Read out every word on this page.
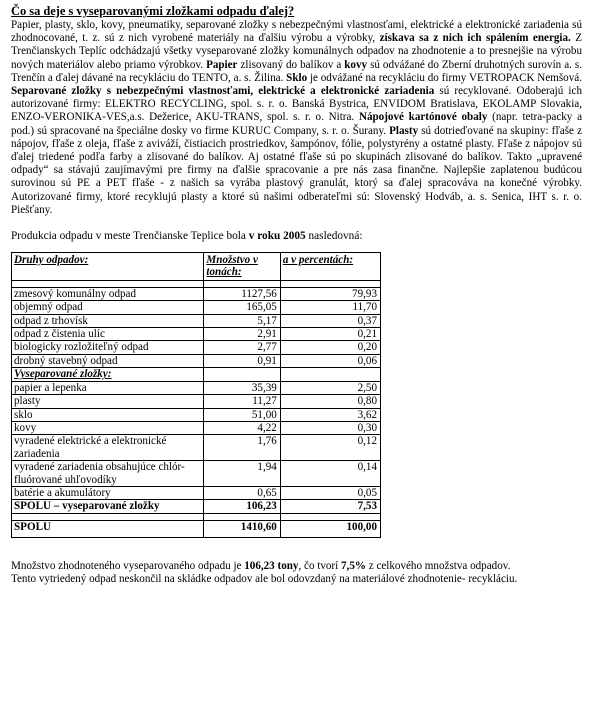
Čo sa deje s vyseparovanými zložkami odpadu ďalej?

Papier, plasty, sklo, kovy, pneumatiky, separované zložky s nebezpečnými vlastnosťami, elektrické a elektronické zariadenia sú zhodnocované, t. z. sú z nich vyrobené materiály na ďalšiu výrobu a výrobky, získava sa z nich ich spálením energia. Z Trenčianskych Teplíc odchádzajú všetky vyseparované zložky komunálnych odpadov na zhodnotenie a to presnejšie na výrobu nových materiálov alebo priamo výrobkov. Papier zlisovaný do balíkov a kovy sú odvážané do Zberní druhotných surovín a. s. Trenčín a ďalej dávané na recykláciu do TENTO, a. s. Žilina. Sklo je odvážané na recykláciu do firmy VETROPACK Nemšová. Separované zložky s nebezpečnými vlastnosťami, elektrické a elektronické zariadenia sú recyklované. Odoberajú ich autorizované firmy: ELEKTRO RECYCLING, spol. s. r. o. Banská Bystrica, ENVIDOM Bratislava, EKOLAMP Slovakia, ENZO-VERONIKA-VES,a.s. Dežerice, AKU-TRANS, spol. s. r. o. Nitra. Nápojové kartónové obaly (napr. tetra-packy a pod.) sú spracované na špeciálne dosky vo firme KURUC Company, s. r. o. Šurany. Plasty sú dotrieďované na skupiny: fľaše z nápojov, fľaše z oleja, fľaše z aviváží, čistiacich prostriedkov, šampónov, fólie, polystyrény a ostatné plasty. Fľaše z nápojov sú ďalej triedené podľa farby a zlisované do balíkov. Aj ostatné fľaše sú po skupinách zlisované do balíkov. Takto „upravené odpady“ sa stávajú zaujímavými pre firmy na ďalšie spracovanie a pre nás zasa finančne. Najlepšie zaplatenou budúcou surovinou sú PE a PET fľaše - z našich sa vyrába plastový granulát, ktorý sa ďalej spracováva na konečné výrobky. Autorizované firmy, ktoré recyklujú plasty a ktoré sú našimi odberateľmi sú: Slovenský Hodváb, a. s. Senica, IHT s. r. o. Piešťany.

Produkcia odpadu v meste Trenčianske Teplice bola v roku 2005 nasledovná:

Druhy odpadov:	Množstvo v tonách:	a v percentách:

zmesový komunálny odpad	1127,56	79,93
objemný odpad	165,05	11,70
odpad z trhovísk	5,17	0,37
odpad z čistenia ulíc	2,91	0,21
biologicky rozložiteľný odpad	2,77	0,20
drobný stavebný odpad	0,91	0,06
Vyseparované zložky:		
papier a lepenka	35,39	2,50
plasty	11,27	0,80
sklo	51,00	3,62
kovy	4,22	0,30
vyradené elektrické a elektronické zariadenia	1,76	0,12
vyradené zariadenia obsahujúce chlór-fluórované uhľovodíky	1,94	0,14
batérie a akumulátory	0,65	0,05
SPOLU – vyseparované zložky	106,23	7,53

SPOLU	1410,60	100,00

Množstvo zhodnoteného vyseparovaného odpadu je 106,23 tony, čo tvorí 7,5% z celkového množstva odpadov.

Tento vytriedený odpad neskončil na skládke odpadov ale bol odovzdaný na materiálové zhodnotenie- recykláciu.
